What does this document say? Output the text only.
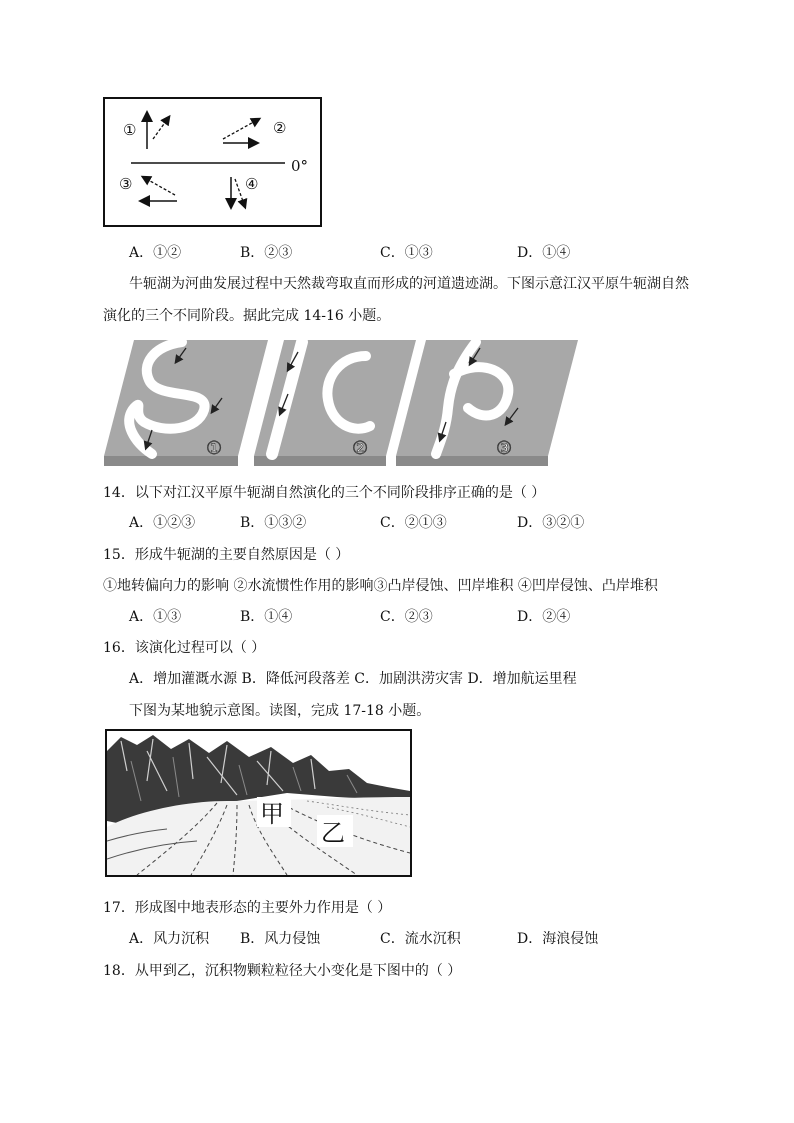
①	②
③	④
0°
A．①②	B．②③	C．①③	D．①④
牛轭湖为河曲发展过程中天然裁弯取直而形成的河道遗迹湖。下图示意江汉平原牛轭湖自然
演化的三个不同阶段。据此完成 14-16 小题。
①	②	③
14．以下对江汉平原牛轭湖自然演化的三个不同阶段排序正确的是（ ）
A．①②③	B．①③②	C．②①③	D．③②①
15．形成牛轭湖的主要自然原因是（ ）
①地转偏向力的影响 ②水流惯性作用的影响③凸岸侵蚀、凹岸堆积 ④凹岸侵蚀、凸岸堆积
A．①③	B．①④	C．②③	D．②④
16．该演化过程可以（ ）
A．增加灌溉水源 B．降低河段落差 C．加剧洪涝灾害 D．增加航运里程
下图为某地貌示意图。读图，完成 17-18 小题。
甲
乙
17．形成图中地表形态的主要外力作用是（ ）
A．风力沉积 B．风力侵蚀	C．流水沉积	D．海浪侵蚀
18．从甲到乙，沉积物颗粒粒径大小变化是下图中的（ ）
